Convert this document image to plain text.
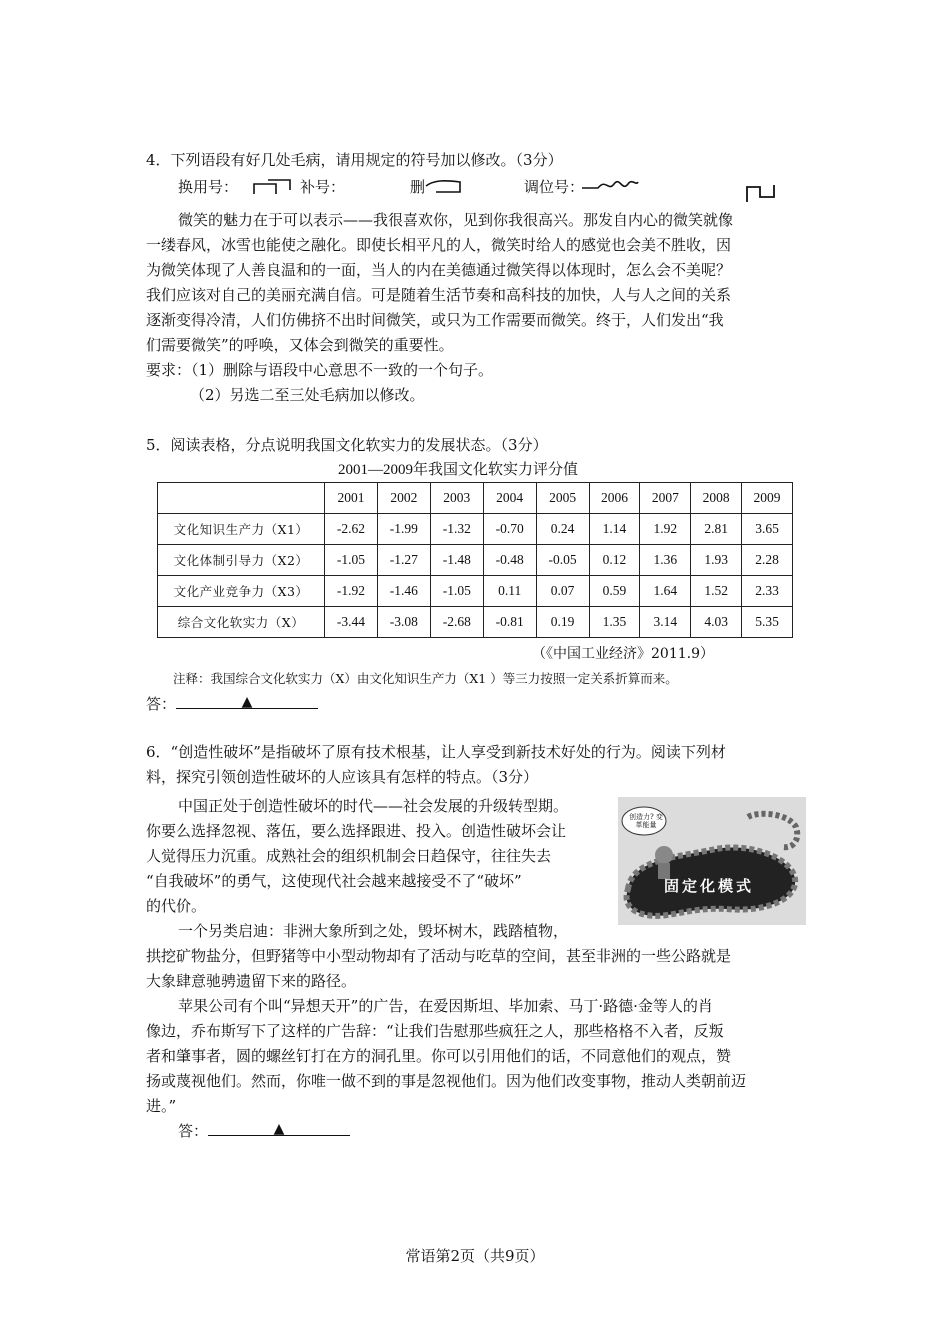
4．下列语段有好几处毛病，请用规定的符号加以修改。（3分）
换用号：	补号：	删	调位号：
微笑的魅力在于可以表示——我很喜欢你，见到你我很高兴。那发自内心的微笑就像
一缕春风，冰雪也能使之融化。即使长相平凡的人，微笑时给人的感觉也会美不胜收，因
为微笑体现了人善良温和的一面，当人的内在美德通过微笑得以体现时，怎么会不美呢？
我们应该对自己的美丽充满自信。可是随着生活节奏和高科技的加快，人与人之间的关系
逐渐变得冷清，人们仿佛挤不出时间微笑，或只为工作需要而微笑。终于，人们发出“我
们需要微笑”的呼唤，又体会到微笑的重要性。
要求：（1）删除与语段中心意思不一致的一个句子。
（2）另选二至三处毛病加以修改。
5．阅读表格，分点说明我国文化软实力的发展状态。（3分）
2001—2009年我国文化软实力评分值
	2001	2002	2003	2004	2005	2006	2007	2008	2009
文化知识生产力（X1）	-2.62	-1.99	-1.32	-0.70	0.24	1.14	1.92	2.81	3.65
文化体制引导力（X2）	-1.05	-1.27	-1.48	-0.48	-0.05	0.12	1.36	1.93	2.28
文化产业竞争力（X3）	-1.92	-1.46	-1.05	0.11	0.07	0.59	1.64	1.52	2.33
综合文化软实力（X）	-3.44	-3.08	-2.68	-0.81	0.19	1.35	3.14	4.03	5.35
（《中国工业经济》2011.9）
注释：我国综合文化软实力（X）由文化知识生产力（X1 ）等三力按照一定关系折算而来。
答：	▲
6．“创造性破坏”是指破坏了原有技术根基，让人享受到新技术好处的行为。阅读下列材
料，探究引领创造性破坏的人应该具有怎样的特点。（3分）
中国正处于创造性破坏的时代——社会发展的升级转型期。
你要么选择忽视、落伍，要么选择跟进、投入。创造性破坏会让
人觉得压力沉重。成熟社会的组织机制会日趋保守，往往失去
“自我破坏”的勇气，这使现代社会越来越接受不了“破坏”
的代价。
创造力? 变革能量
固定化模式
一个另类启迪：非洲大象所到之处，毁坏树木，践踏植物，
拱挖矿物盐分，但野猪等中小型动物却有了活动与吃草的空间，甚至非洲的一些公路就是
大象肆意驰骋遗留下来的路径。
苹果公司有个叫“异想天开”的广告，在爱因斯坦、毕加索、马丁·路德·金等人的肖
像边，乔布斯写下了这样的广告辞：“让我们告慰那些疯狂之人，那些格格不入者，反叛
者和肇事者，圆的螺丝钉打在方的洞孔里。你可以引用他们的话，不同意他们的观点，赞
扬或蔑视他们。然而，你唯一做不到的事是忽视他们。因为他们改变事物，推动人类朝前迈
进。”
答：	▲
常语第2页（共9页）
